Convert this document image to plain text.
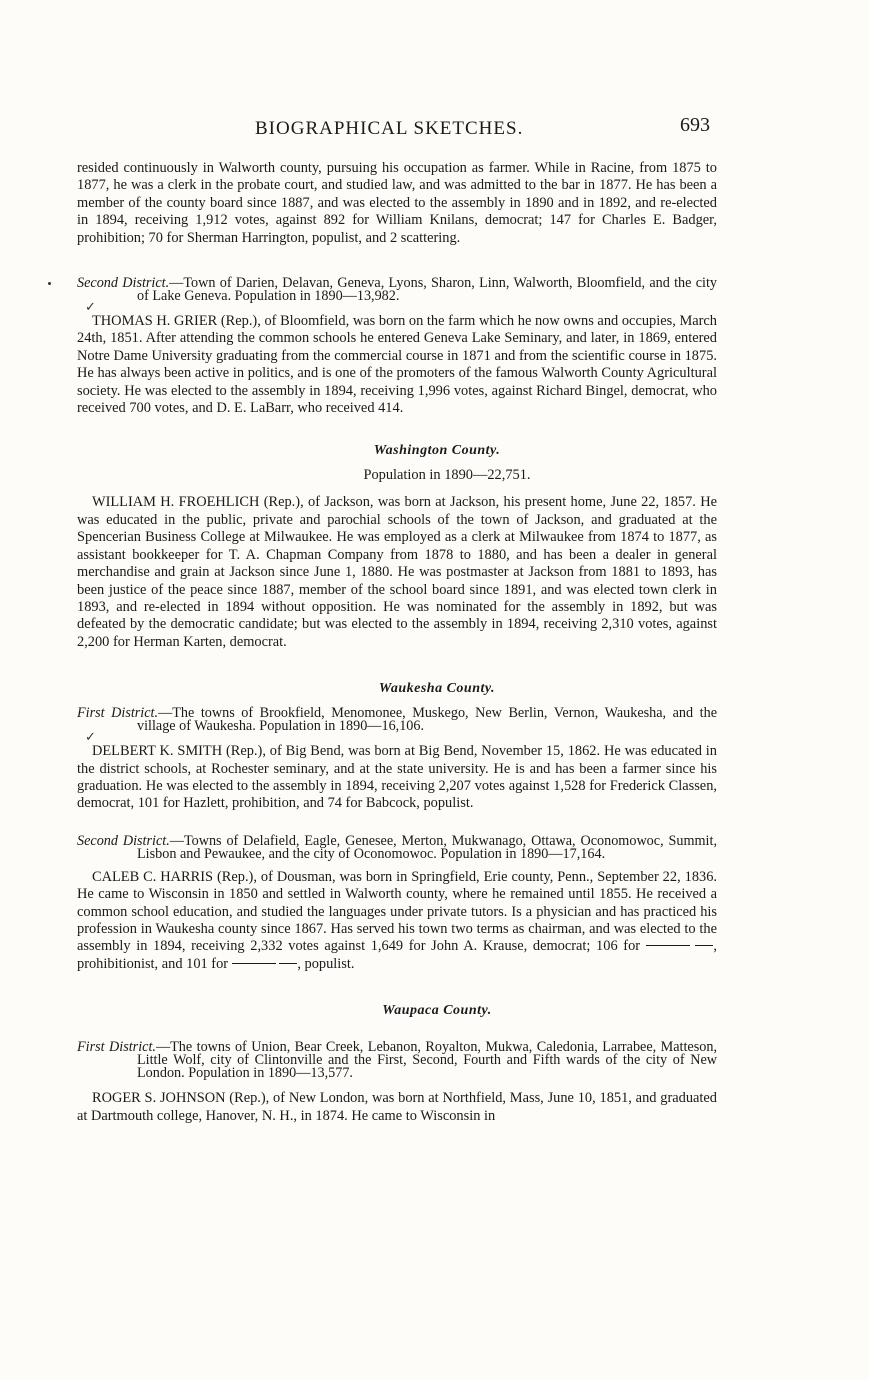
BIOGRAPHICAL SKETCHES.	693

resided continuously in Walworth county, pursuing his occupation as farmer. While in Racine, from 1875 to 1877, he was a clerk in the probate court, and studied law, and was admitted to the bar in 1877. He has been a member of the county board since 1887, and was elected to the assembly in 1890 and in 1892, and re-elected in 1894, receiving 1,912 votes, against 892 for William Knilans, democrat; 147 for Charles E. Badger, prohibition; 70 for Sherman Harrington, populist, and 2 scattering.

Second District.—Town of Darien, Delavan, Geneva, Lyons, Sharon, Linn, Walworth, Bloomfield, and the city of Lake Geneva. Population in 1890—13,982.
✓

THOMAS H. GRIER (Rep.), of Bloomfield, was born on the farm which he now owns and occupies, March 24th, 1851. After attending the common schools he entered Geneva Lake Seminary, and later, in 1869, entered Notre Dame University graduating from the commercial course in 1871 and from the scientific course in 1875. He has always been active in politics, and is one of the promoters of the famous Walworth County Agricultural society. He was elected to the assembly in 1894, receiving 1,996 votes, against Richard Bingel, democrat, who received 700 votes, and D. E. LaBarr, who received 414.

Washington County.
Population in 1890—22,751.

WILLIAM H. FROEHLICH (Rep.), of Jackson, was born at Jackson, his present home, June 22, 1857. He was educated in the public, private and parochial schools of the town of Jackson, and graduated at the Spencerian Business College at Milwaukee. He was employed as a clerk at Milwaukee from 1874 to 1877, as assistant bookkeeper for T. A. Chapman Company from 1878 to 1880, and has been a dealer in general merchandise and grain at Jackson since June 1, 1880. He was postmaster at Jackson from 1881 to 1893, has been justice of the peace since 1887, member of the school board since 1891, and was elected town clerk in 1893, and re-elected in 1894 without opposition. He was nominated for the assembly in 1892, but was defeated by the democratic candidate; but was elected to the assembly in 1894, receiving 2,310 votes, against 2,200 for Herman Karten, democrat.

Waukesha County.
First District.—The towns of Brookfield, Menomonee, Muskego, New Berlin, Vernon, Waukesha, and the village of Waukesha. Population in 1890—16,106.
✓

DELBERT K. SMITH (Rep.), of Big Bend, was born at Big Bend, November 15, 1862. He was educated in the district schools, at Rochester seminary, and at the state university. He is and has been a farmer since his graduation. He was elected to the assembly in 1894, receiving 2,207 votes against 1,528 for Frederick Classen, democrat, 101 for Hazlett, prohibition, and 74 for Babcock, populist.

Second District.—Towns of Delafield, Eagle, Genesee, Merton, Mukwanago, Ottawa, Oconomowoc, Summit, Lisbon and Pewaukee, and the city of Oconomowoc. Population in 1890—17,164.

CALEB C. HARRIS (Rep.), of Dousman, was born in Springfield, Erie county, Penn., September 22, 1836. He came to Wisconsin in 1850 and settled in Walworth county, where he remained until 1855. He received a common school education, and studied the languages under private tutors. Is a physician and has practiced his profession in Waukesha county since 1867. Has served his town two terms as chairman, and was elected to the assembly in 1894, receiving 2,332 votes against 1,649 for John A. Krause, democrat; 106 for	, prohibitionist, and 101 for	, populist.

Waupaca County.
First District.—The towns of Union, Bear Creek, Lebanon, Royalton, Mukwa, Caledonia, Larrabee, Matteson, Little Wolf, city of Clintonville and the First, Second, Fourth and Fifth wards of the city of New London. Population in 1890—13,577.

ROGER S. JOHNSON (Rep.), of New London, was born at Northfield, Mass, June 10, 1851, and graduated at Dartmouth college, Hanover, N. H., in 1874. He came to Wisconsin in
